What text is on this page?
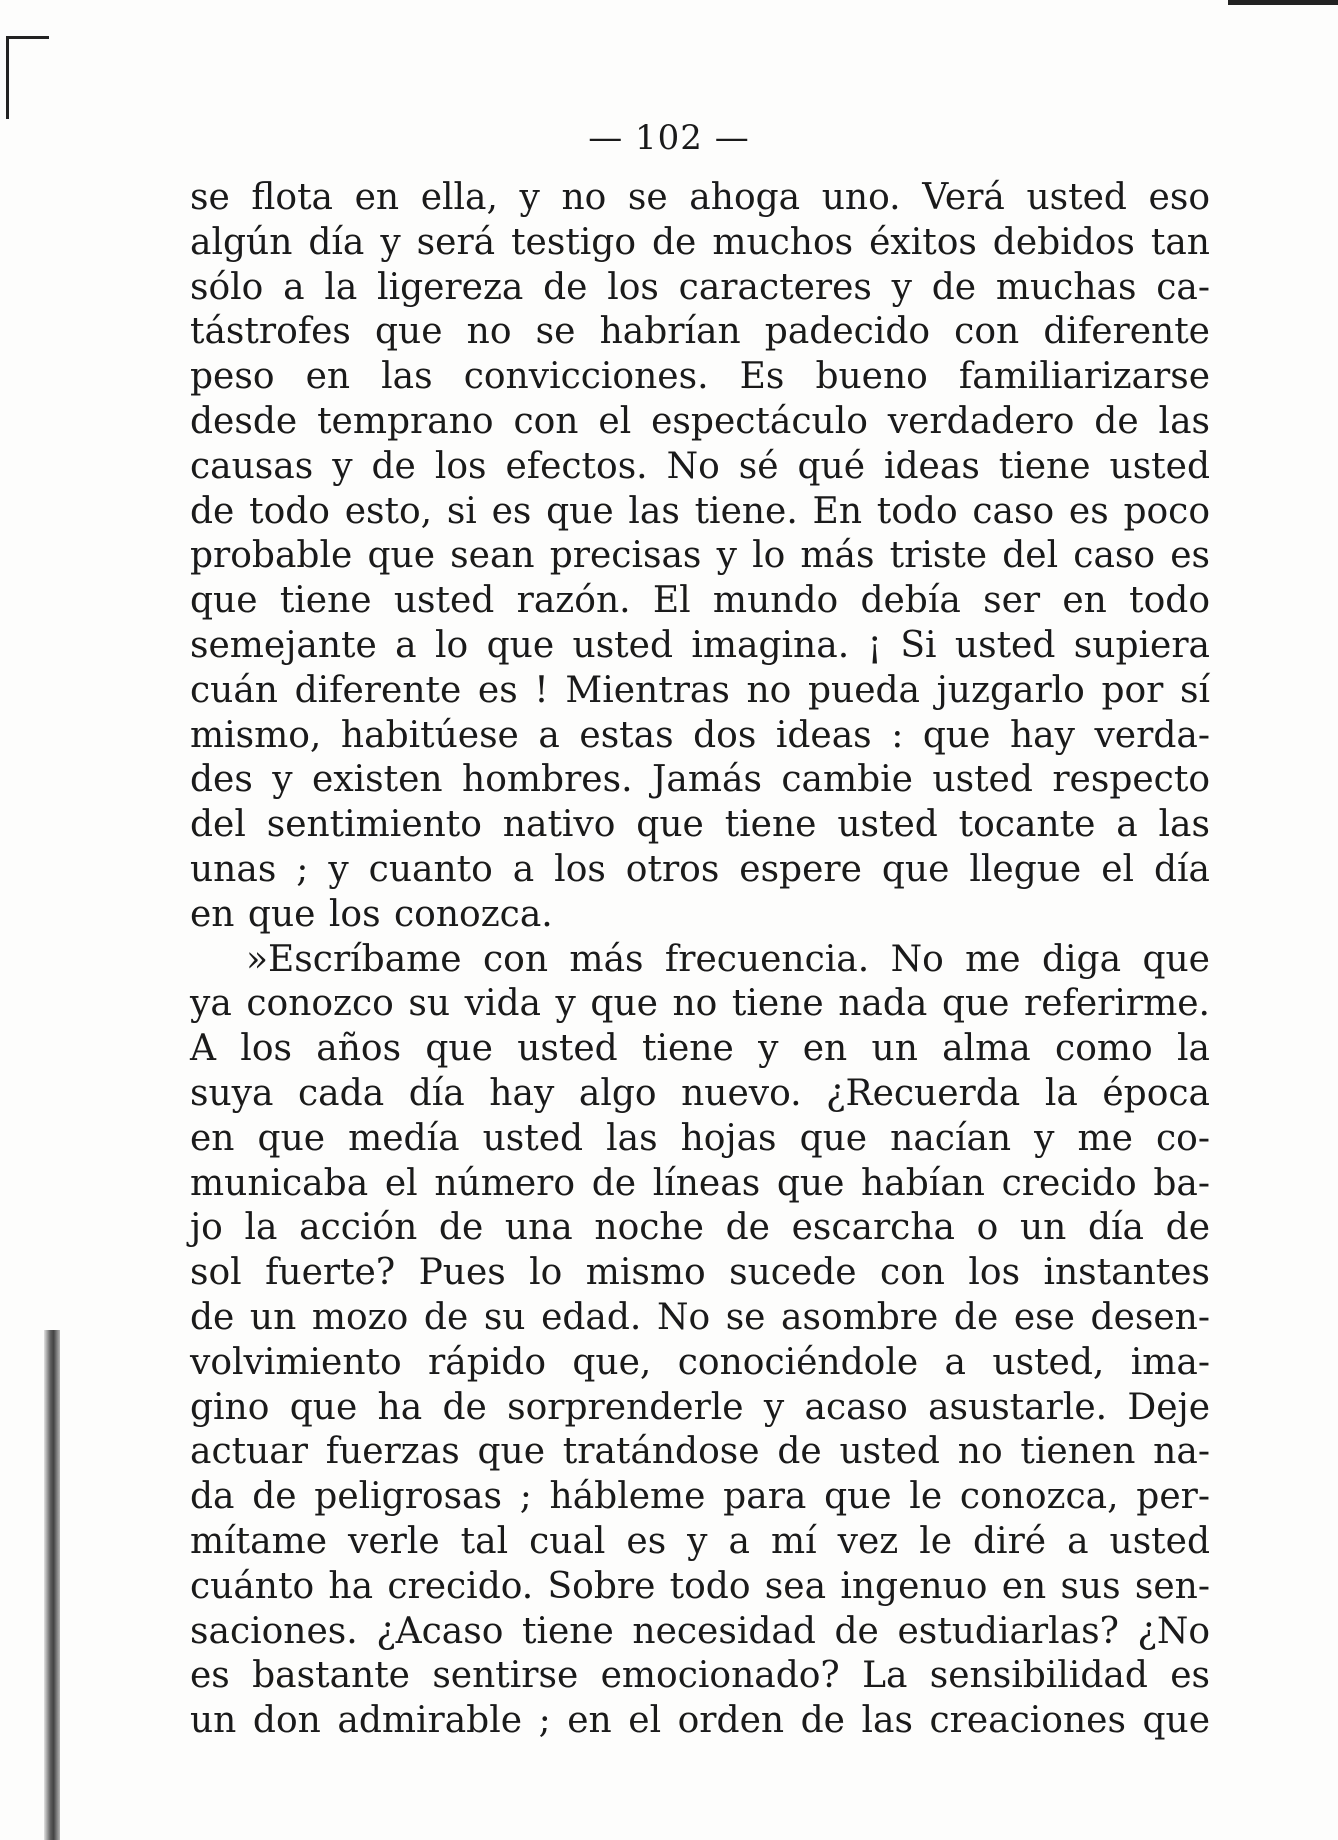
— 102 —
se flota en ella, y no se ahoga uno. Verá usted eso
algún día y será testigo de muchos éxitos debidos tan
sólo a la ligereza de los caracteres y de muchas ca-
tástrofes que no se habrían padecido con diferente
peso en las convicciones. Es bueno familiarizarse
desde temprano con el espectáculo verdadero de las
causas y de los efectos. No sé qué ideas tiene usted
de todo esto, si es que las tiene. En todo caso es poco
probable que sean precisas y lo más triste del caso es
que tiene usted razón. El mundo debía ser en todo
semejante a lo que usted imagina. ¡ Si usted supiera
cuán diferente es ! Mientras no pueda juzgarlo por sí
mismo, habitúese a estas dos ideas : que hay verda-
des y existen hombres. Jamás cambie usted respecto
del sentimiento nativo que tiene usted tocante a las
unas ; y cuanto a los otros espere que llegue el día
en que los conozca.
»Escríbame con más frecuencia. No me diga que
ya conozco su vida y que no tiene nada que referirme.
A los años que usted tiene y en un alma como la
suya cada día hay algo nuevo. ¿Recuerda la época
en que medía usted las hojas que nacían y me co-
municaba el número de líneas que habían crecido ba-
jo la acción de una noche de escarcha o un día de
sol fuerte? Pues lo mismo sucede con los instantes
de un mozo de su edad. No se asombre de ese desen-
volvimiento rápido que, conociéndole a usted, ima-
gino que ha de sorprenderle y acaso asustarle. Deje
actuar fuerzas que tratándose de usted no tienen na-
da de peligrosas ; hábleme para que le conozca, per-
mítame verle tal cual es y a mí vez le diré a usted
cuánto ha crecido. Sobre todo sea ingenuo en sus sen-
saciones. ¿Acaso tiene necesidad de estudiarlas? ¿No
es bastante sentirse emocionado? La sensibilidad es
un don admirable ; en el orden de las creaciones que
